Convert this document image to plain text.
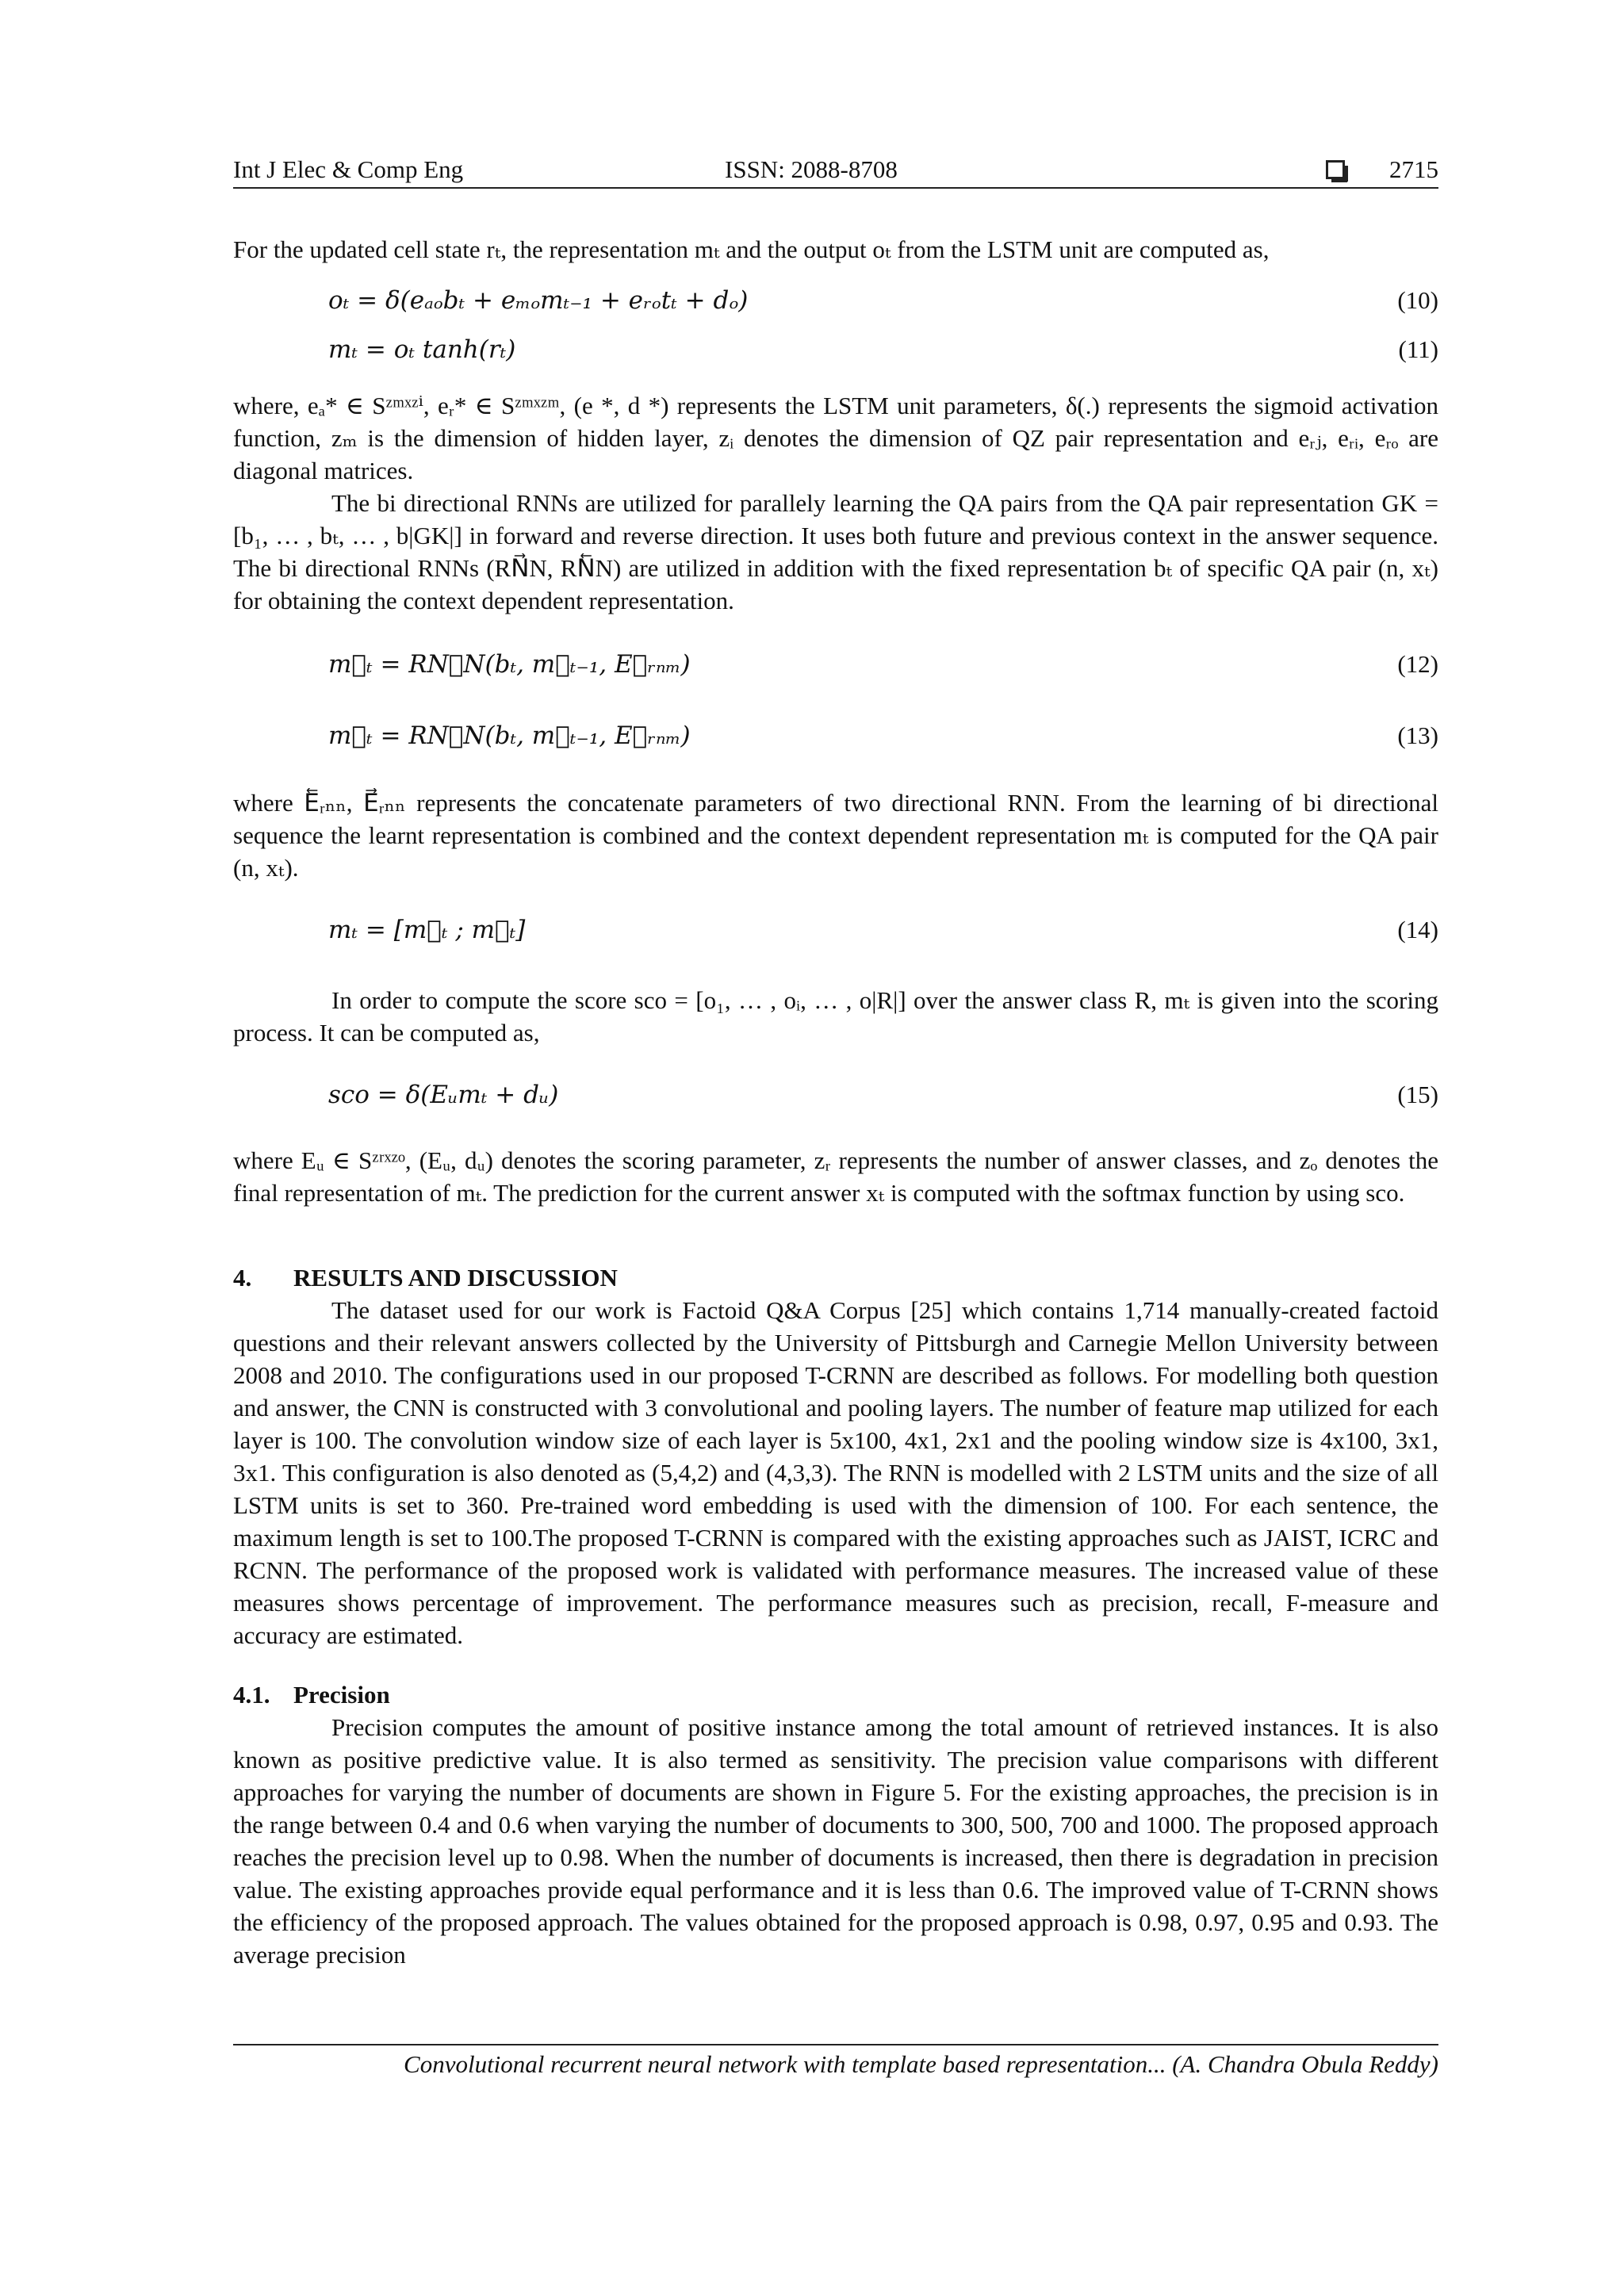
Int J Elec & Comp Eng	ISSN: 2088-8708	2715

For the updated cell state rₜ, the representation mₜ and the output oₜ from the LSTM unit are computed as,

oₜ = δ(eₐₒbₜ + eₘₒmₜ₋₁ + eᵣₒtₜ + dₒ)	(10)
mₜ = oₜ tanh(rₜ)	(11)

where, eₐ* ∈ Sᶻᵐˣᶻⁱ, eᵣ* ∈ Sᶻᵐˣᶻᵐ, (e *, d *) represents the LSTM unit parameters, δ(.) represents the sigmoid activation function, zₘ is the dimension of hidden layer, zᵢ denotes the dimension of QZ pair representation and eᵣⱼ, eᵣᵢ, eᵣₒ are diagonal matrices.

The bi directional RNNs are utilized for parallely learning the QA pairs from the QA pair representation GK = [b₁, … , bₜ, … , b|GK|] in forward and reverse direction. It uses both future and previous context in the answer sequence. The bi directional RNNs (RN⃗N, RN⃖N) are utilized in addition with the fixed representation bₜ of specific QA pair (n, xₜ) for obtaining the context dependent representation.

m⃗ₜ = RN⃗N(bₜ, m⃗ₜ₋₁, E⃗ᵣₙₘ)	(12)
m⃖ₜ = RN⃖N(bₜ, m⃖ₜ₋₁, E⃖ᵣₙₘ)	(13)

where E⃖ᵣₙₙ, E⃗ᵣₙₙ represents the concatenate parameters of two directional RNN. From the learning of bi directional sequence the learnt representation is combined and the context dependent representation mₜ is computed for the QA pair (n, xₜ).

mₜ = [m⃗ₜ ; m⃖ₜ]	(14)

In order to compute the score sco = [o₁, … , oᵢ, … , o|R|] over the answer class R, mₜ is given into the scoring process. It can be computed as,

sco = δ(Eᵤmₜ + dᵤ)	(15)

where Eᵤ ∈ Sᶻʳˣᶻᵒ, (Eᵤ, dᵤ) denotes the scoring parameter, zᵣ represents the number of answer classes, and zₒ denotes the final representation of mₜ. The prediction for the current answer xₜ is computed with the softmax function by using sco.

4. RESULTS AND DISCUSSION

The dataset used for our work is Factoid Q&A Corpus [25] which contains 1,714 manually-created factoid questions and their relevant answers collected by the University of Pittsburgh and Carnegie Mellon University between 2008 and 2010. The configurations used in our proposed T-CRNN are described as follows. For modelling both question and answer, the CNN is constructed with 3 convolutional and pooling layers. The number of feature map utilized for each layer is 100. The convolution window size of each layer is 5x100, 4x1, 2x1 and the pooling window size is 4x100, 3x1, 3x1. This configuration is also denoted as (5,4,2) and (4,3,3). The RNN is modelled with 2 LSTM units and the size of all LSTM units is set to 360. Pre-trained word embedding is used with the dimension of 100. For each sentence, the maximum length is set to 100.The proposed T-CRNN is compared with the existing approaches such as JAIST, ICRC and RCNN. The performance of the proposed work is validated with performance measures. The increased value of these measures shows percentage of improvement. The performance measures such as precision, recall, F-measure and accuracy are estimated.

4.1. Precision

Precision computes the amount of positive instance among the total amount of retrieved instances. It is also known as positive predictive value. It is also termed as sensitivity. The precision value comparisons with different approaches for varying the number of documents are shown in Figure 5. For the existing approaches, the precision is in the range between 0.4 and 0.6 when varying the number of documents to 300, 500, 700 and 1000. The proposed approach reaches the precision level up to 0.98. When the number of documents is increased, then there is degradation in precision value. The existing approaches provide equal performance and it is less than 0.6. The improved value of T-CRNN shows the efficiency of the proposed approach. The values obtained for the proposed approach is 0.98, 0.97, 0.95 and 0.93. The average precision

Convolutional recurrent neural network with template based representation... (A. Chandra Obula Reddy)
